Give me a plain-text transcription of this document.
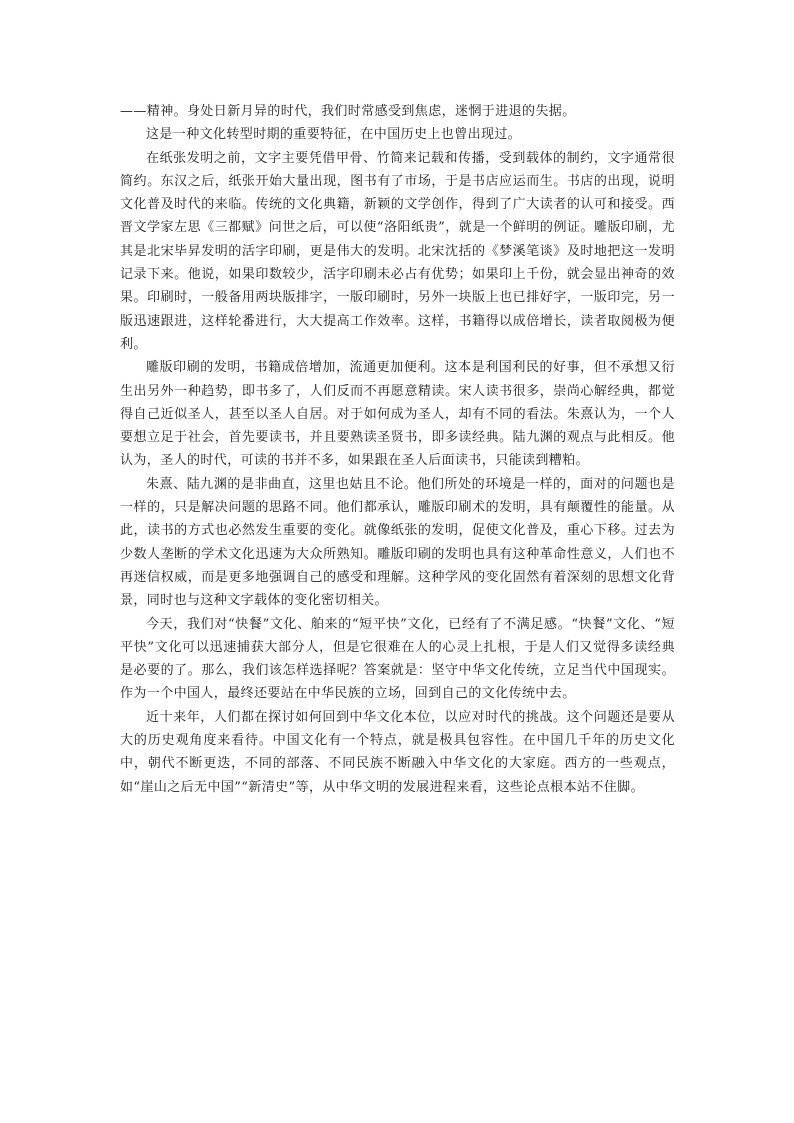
——精神。身处日新月异的时代，我们时常感受到焦虑，迷惘于进退的失据。

这是一种文化转型时期的重要特征，在中国历史上也曾出现过。

在纸张发明之前，文字主要凭借甲骨、竹简来记载和传播，受到载体的制约，文字通常很简约。东汉之后，纸张开始大量出现，图书有了市场，于是书店应运而生。书店的出现，说明文化普及时代的来临。传统的文化典籍，新颖的文学创作，得到了广大读者的认可和接受。西晋文学家左思《三都赋》问世之后，可以使“洛阳纸贵”，就是一个鲜明的例证。雕版印刷，尤其是北宋毕昇发明的活字印刷，更是伟大的发明。北宋沈括的《梦溪笔谈》及时地把这一发明记录下来。他说，如果印数较少，活字印刷未必占有优势；如果印上千份，就会显出神奇的效果。印刷时，一般备用两块版排字，一版印刷时，另外一块版上也已排好字，一版印完，另一版迅速跟进，这样轮番进行，大大提高工作效率。这样，书籍得以成倍增长，读者取阅极为便利。

雕版印刷的发明，书籍成倍增加，流通更加便利。这本是利国利民的好事，但不承想又衍生出另外一种趋势，即书多了，人们反而不再愿意精读。宋人读书很多，崇尚心解经典，都觉得自己近似圣人，甚至以圣人自居。对于如何成为圣人，却有不同的看法。朱熹认为，一个人要想立足于社会，首先要读书，并且要熟读圣贤书，即多读经典。陆九渊的观点与此相反。他认为，圣人的时代，可读的书并不多，如果跟在圣人后面读书，只能读到糟粕。

朱熹、陆九渊的是非曲直，这里也姑且不论。他们所处的环境是一样的，面对的问题也是一样的，只是解决问题的思路不同。他们都承认，雕版印刷术的发明，具有颠覆性的能量。从此，读书的方式也必然发生重要的变化。就像纸张的发明，促使文化普及，重心下移。过去为少数人垄断的学术文化迅速为大众所熟知。雕版印刷的发明也具有这种革命性意义，人们也不再迷信权威，而是更多地强调自己的感受和理解。这种学风的变化固然有着深刻的思想文化背景，同时也与这种文字载体的变化密切相关。

今天，我们对“快餐”文化、舶来的“短平快”文化，已经有了不满足感。“快餐”文化、“短平快”文化可以迅速捕获大部分人，但是它很难在人的心灵上扎根，于是人们又觉得多读经典是必要的了。那么，我们该怎样选择呢？答案就是：坚守中华文化传统，立足当代中国现实。作为一个中国人，最终还要站在中华民族的立场，回到自己的文化传统中去。

近十来年，人们都在探讨如何回到中华文化本位，以应对时代的挑战。这个问题还是要从大的历史观角度来看待。中国文化有一个特点，就是极具包容性。在中国几千年的历史文化中，朝代不断更迭，不同的部落、不同民族不断融入中华文化的大家庭。西方的一些观点，如“崖山之后无中国”“新清史”等，从中华文明的发展进程来看，这些论点根本站不住脚。
